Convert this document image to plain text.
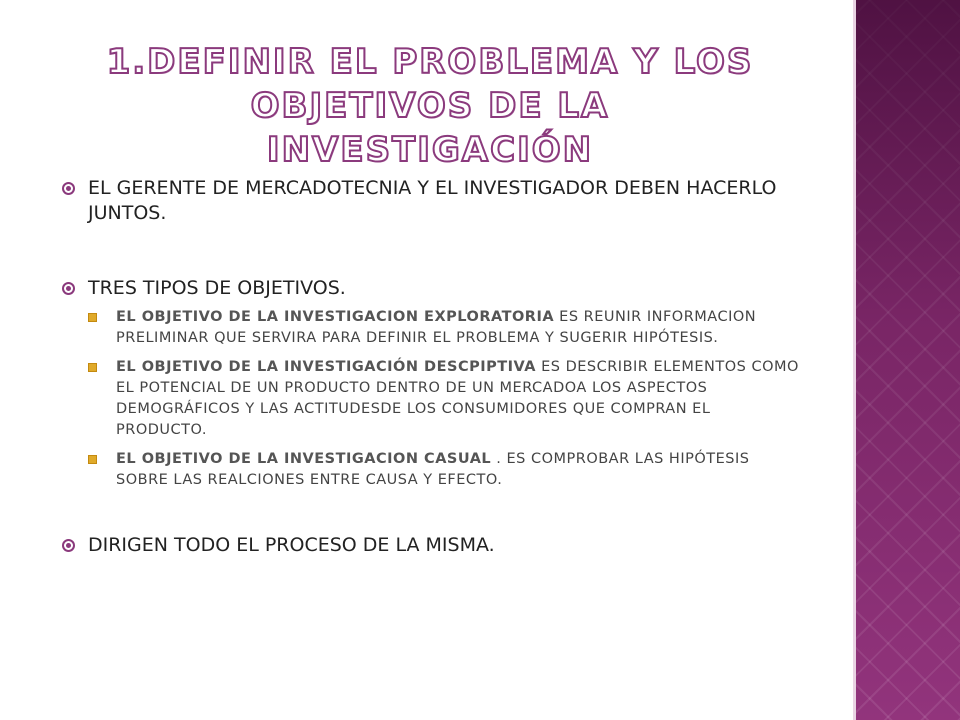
1.DEFINIR EL PROBLEMA Y LOS OBJETIVOS DE LA
INVESTIGACIÓN
EL GERENTE DE MERCADOTECNIA Y EL INVESTIGADOR DEBEN HACERLO JUNTOS.
TRES TIPOS DE OBJETIVOS.
EL OBJETIVO DE LA INVESTIGACION EXPLORATORIA ES REUNIR INFORMACION PRELIMINAR QUE SERVIRA PARA DEFINIR EL PROBLEMA Y SUGERIR HIPÓTESIS.
EL OBJETIVO DE LA INVESTIGACIÓN DESCPIPTIVA ES DESCRIBIR ELEMENTOS COMO EL POTENCIAL DE UN PRODUCTO DENTRO DE UN MERCADOA LOS ASPECTOS DEMOGRÁFICOS Y LAS ACTITUDESDE LOS CONSUMIDORES QUE COMPRAN EL PRODUCTO.
EL OBJETIVO DE LA INVESTIGACION CASUAL . ES COMPROBAR LAS HIPÓTESIS SOBRE LAS REALCIONES ENTRE CAUSA Y EFECTO.
DIRIGEN TODO EL PROCESO DE LA MISMA.
